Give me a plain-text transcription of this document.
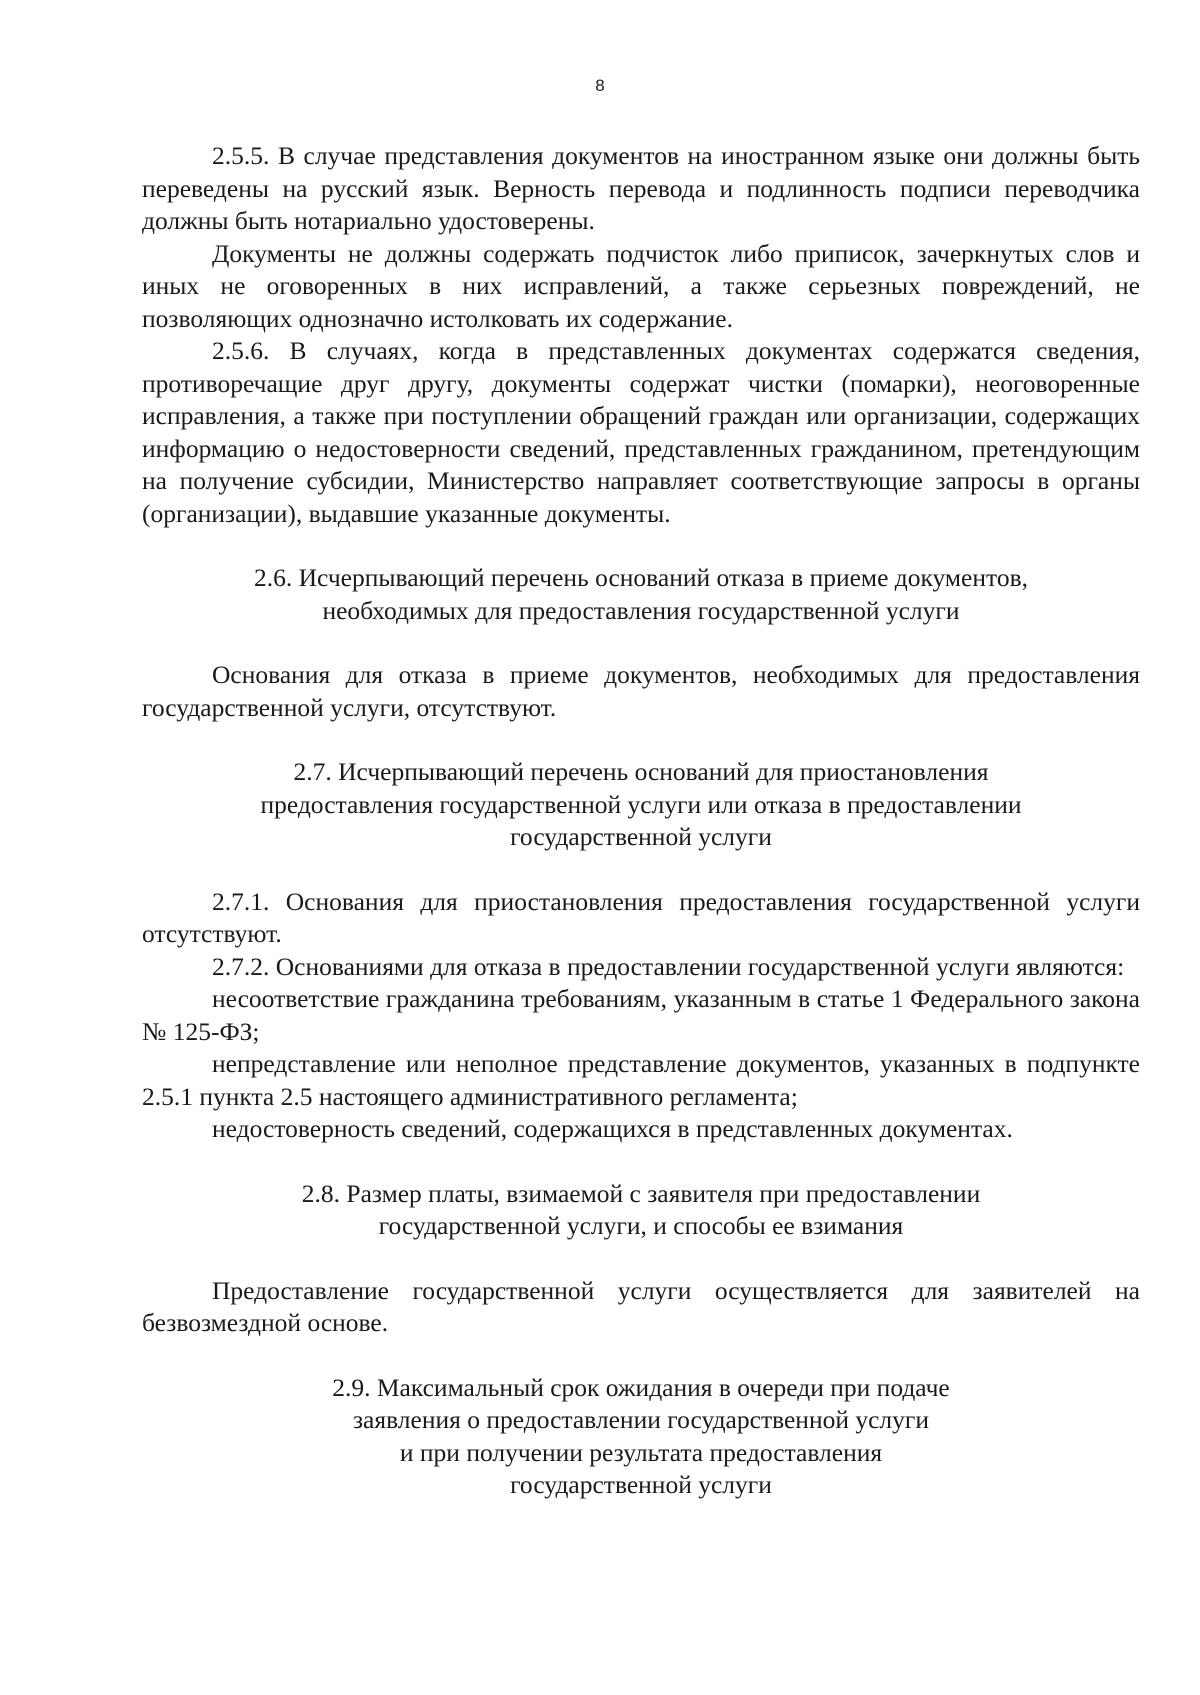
8

2.5.5. В случае представления документов на иностранном языке они должны быть переведены на русский язык. Верность перевода и подлинность подписи переводчика должны быть нотариально удостоверены.

Документы не должны содержать подчисток либо приписок, зачеркнутых слов и иных не оговоренных в них исправлений, а также серьезных повреждений, не позволяющих однозначно истолковать их содержание.

2.5.6. В случаях, когда в представленных документах содержатся сведения, противоречащие друг другу, документы содержат чистки (помарки), неоговоренные исправления, а также при поступлении обращений граждан или организации, содержащих информацию о недостоверности сведений, представленных гражданином, претендующим на получение субсидии, Министерство направляет соответствующие запросы в органы (организации), выдавшие указанные документы.

2.6. Исчерпывающий перечень оснований отказа в приеме документов,
необходимых для предоставления государственной услуги

Основания для отказа в приеме документов, необходимых для предоставления государственной услуги, отсутствуют.

2.7. Исчерпывающий перечень оснований для приостановления
предоставления государственной услуги или отказа в предоставлении
государственной услуги

2.7.1. Основания для приостановления предоставления государственной услуги отсутствуют.

2.7.2. Основаниями для отказа в предоставлении государственной услуги являются:

несоответствие гражданина требованиям, указанным в статье 1 Федерального закона № 125-ФЗ;

непредставление или неполное представление документов, указанных в подпункте 2.5.1 пункта 2.5 настоящего административного регламента;

недостоверность сведений, содержащихся в представленных документах.

2.8. Размер платы, взимаемой с заявителя при предоставлении
государственной услуги, и способы ее взимания

Предоставление государственной услуги осуществляется для заявителей на безвозмездной основе.

2.9. Максимальный срок ожидания в очереди при подаче
заявления о предоставлении государственной услуги
и при получении результата предоставления
государственной услуги
